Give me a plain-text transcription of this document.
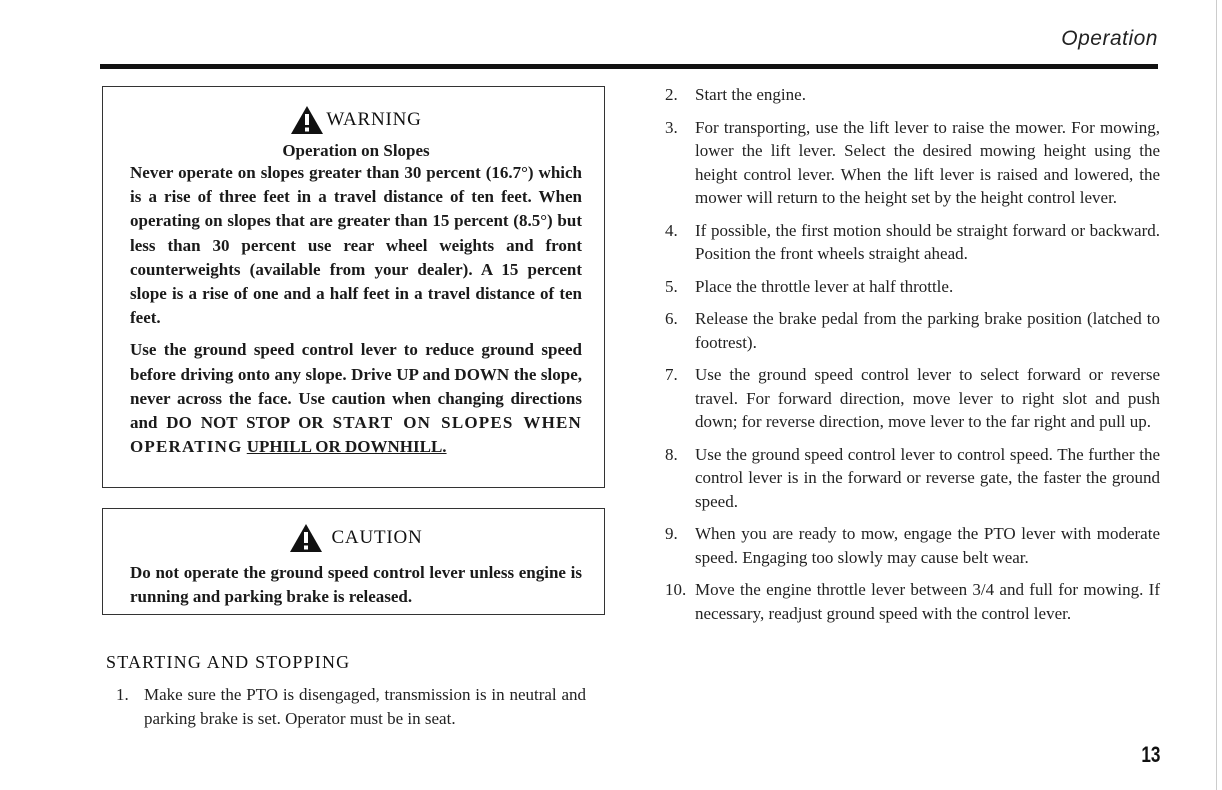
Operation
WARNING
Operation on Slopes

Never operate on slopes greater than 30 percent (16.7°) which is a rise of three feet in a travel distance of ten feet. When operating on slopes that are greater than 15 percent (8.5°) but less than 30 percent use rear wheel weights and front counterweights (available from your dealer). A 15 percent slope is a rise of one and a half feet in a travel distance of ten feet.

Use the ground speed control lever to reduce ground speed before driving onto any slope. Drive UP and DOWN the slope, never across the face. Use caution when changing directions and DO NOT STOP OR START ON SLOPES WHEN OPERATING UPHILL OR DOWNHILL.

CAUTION

Do not operate the ground speed control lever unless engine is running and parking brake is released.

STARTING AND STOPPING
1. Make sure the PTO is disengaged, transmission is in neutral and parking brake is set. Operator must be in seat.
2.	Start the engine.
3.	For transporting, use the lift lever to raise the mower. For mowing, lower the lift lever. Select the desired mowing height using the height control lever. When the lift lever is raised and lowered, the mower will return to the height set by the height control lever.
4.	If possible, the first motion should be straight forward or backward. Position the front wheels straight ahead.
5.	Place the throttle lever at half throttle.
6.	Release the brake pedal from the parking brake position (latched to footrest).
7.	Use the ground speed control lever to select forward or reverse travel. For forward direction, move lever to right slot and push down; for reverse direction, move lever to the far right and pull up.
8.	Use the ground speed control lever to control speed. The further the control lever is in the forward or reverse gate, the faster the ground speed.
9.	When you are ready to mow, engage the PTO lever with moderate speed. Engaging too slowly may cause belt wear.
10. Move the engine throttle lever between 3/4 and full for mowing. If necessary, readjust ground speed with the control lever.
13
